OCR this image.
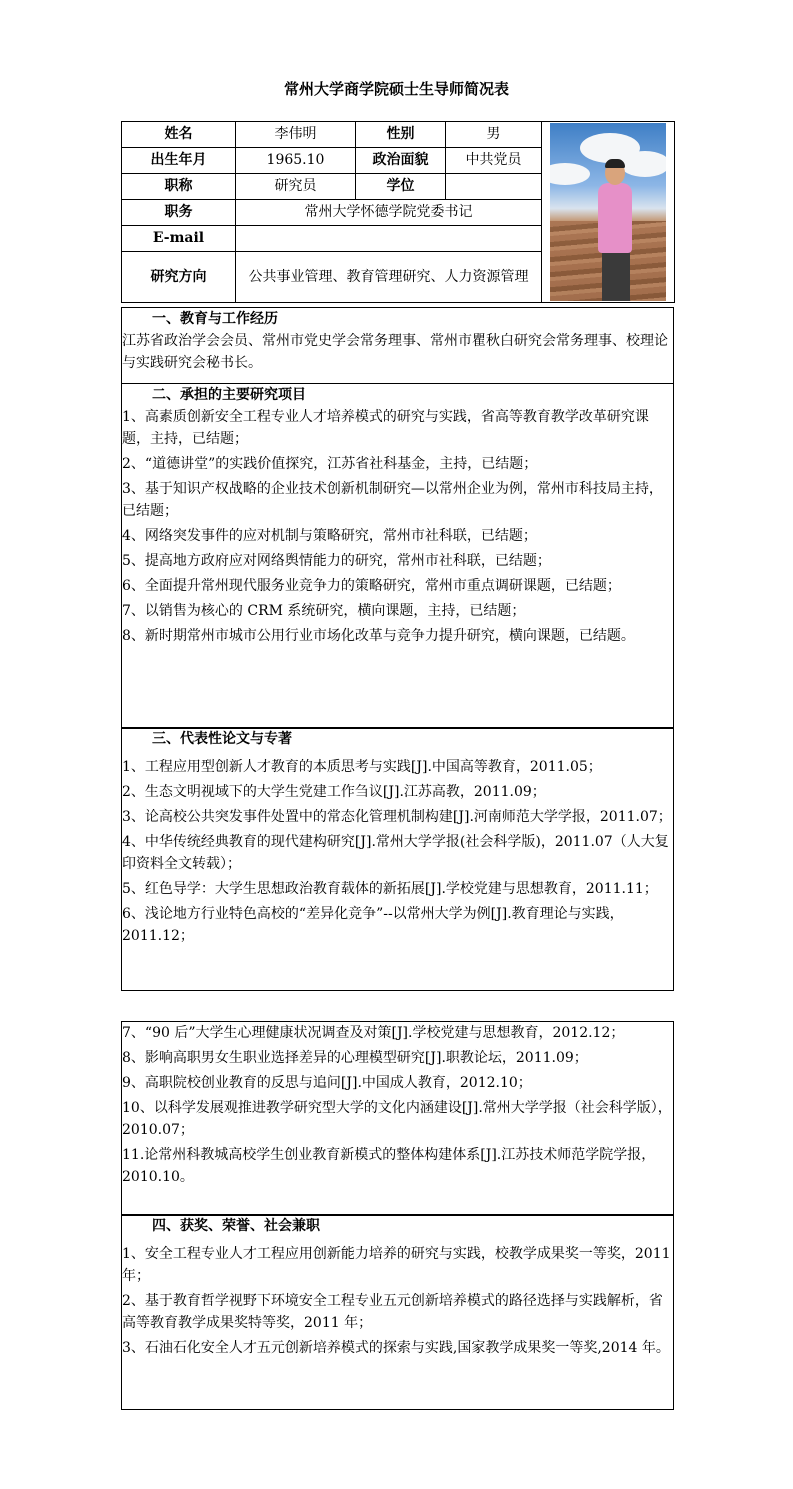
常州大学商学院硕士生导师简况表
姓名	李伟明	性别	男	

出生年月	1965.10	政治面貌	中共党员	
职称	研究员	学位		
职务	常州大学怀德学院党委书记			
E-mail				
研究方向	公共事业管理、教育管理研究、人力资源管理			
一、教育与工作经历

江苏省政治学会会员、常州市党史学会常务理事、常州市瞿秋白研究会常务理事、校理论与实践研究会秘书长。

二、承担的主要研究项目

1、高素质创新安全工程专业人才培养模式的研究与实践，省高等教育教学改革研究课题，主持，已结题；

2、“道德讲堂”的实践价值探究，江苏省社科基金，主持，已结题；

3、基于知识产权战略的企业技术创新机制研究—以常州企业为例，常州市科技局主持，已结题；

4、网络突发事件的应对机制与策略研究，常州市社科联，已结题；

5、提高地方政府应对网络舆情能力的研究，常州市社科联，已结题；

6、全面提升常州现代服务业竞争力的策略研究，常州市重点调研课题，已结题；

7、以销售为核心的 CRM 系统研究，横向课题，主持，已结题；

8、新时期常州市城市公用行业市场化改革与竞争力提升研究，横向课题，已结题。

三、代表性论文与专著

1、工程应用型创新人才教育的本质思考与实践[J].中国高等教育，2011.05；

2、生态文明视域下的大学生党建工作刍议[J].江苏高教，2011.09；

3、论高校公共突发事件处置中的常态化管理机制构建[J].河南师范大学学报，2011.07；

4、中华传统经典教育的现代建构研究[J].常州大学学报(社会科学版)，2011.07（人大复印资料全文转载）；

5、红色导学：大学生思想政治教育载体的新拓展[J].学校党建与思想教育，2011.11；

6、浅论地方行业特色高校的“差异化竞争”--以常州大学为例[J].教育理论与实践，2011.12；

7、“90 后”大学生心理健康状况调查及对策[J].学校党建与思想教育，2012.12；

8、影响高职男女生职业选择差异的心理模型研究[J].职教论坛，2011.09；

9、高职院校创业教育的反思与追问[J].中国成人教育，2012.10；

10、以科学发展观推进教学研究型大学的文化内涵建设[J].常州大学学报（社会科学版），2010.07；

11.论常州科教城高校学生创业教育新模式的整体构建体系[J].江苏技术师范学院学报，2010.10。

四、获奖、荣誉、社会兼职

1、安全工程专业人才工程应用创新能力培养的研究与实践，校教学成果奖一等奖，2011 年；

2、基于教育哲学视野下环境安全工程专业五元创新培养模式的路径选择与实践解析，省高等教育教学成果奖特等奖，2011 年；

3、石油石化安全人才五元创新培养模式的探索与实践,国家教学成果奖一等奖,2014 年。
